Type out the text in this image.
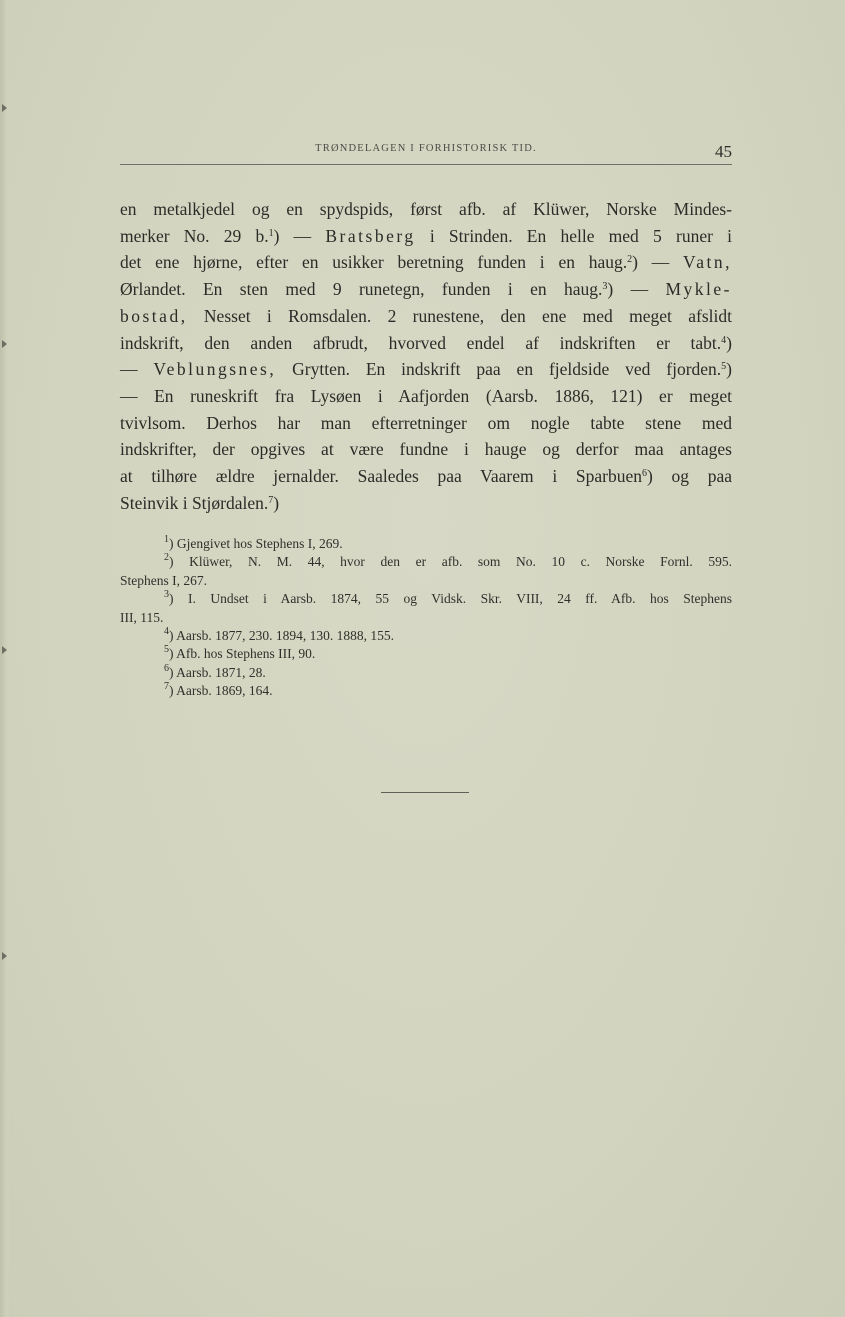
TRØNDELAGEN I FORHISTORISK TID.	45
en metalkjedel og en spydspids, først afb. af Klüwer, Norske Mindes-
merker No. 29 b.$^1$) — Bratsberg i Strinden. En helle med 5 runer i
det ene hjørne, efter en usikker beretning funden i en haug.$^2$) — Vatn,
Ørlandet. En sten med 9 runetegn, funden i en haug.$^3$) — Mykle-
bostad, Nesset i Romsdalen. 2 runestene, den ene med meget afslidt
indskrift, den anden afbrudt, hvorved endel af indskriften er tabt.$^4$)
— Veblungsnes, Grytten. En indskrift paa en fjeldside ved fjorden.$^5$)
— En runeskrift fra Lysøen i Aafjorden (Aarsb. 1886, 121) er meget
tvivlsom. Derhos har man efterretninger om nogle tabte stene med
indskrifter, der opgives at være fundne i hauge og derfor maa antages
at tilhøre ældre jernalder. Saaledes paa Vaarem i Sparbuen$^6$) og paa
Steinvik i Stjørdalen.$^7$)
$^1$) Gjengivet hos Stephens I, 269.
$^2$) Klüwer, N. M. 44, hvor den er afb. som No. 10 c. Norske Fornl. 595.
Stephens I, 267.
$^3$) I. Undset i Aarsb. 1874, 55 og Vidsk. Skr. VIII, 24 ff. Afb. hos Stephens
III, 115.
$^4$) Aarsb. 1877, 230. 1894, 130. 1888, 155.
$^5$) Afb. hos Stephens III, 90.
$^6$) Aarsb. 1871, 28.
$^7$) Aarsb. 1869, 164.
